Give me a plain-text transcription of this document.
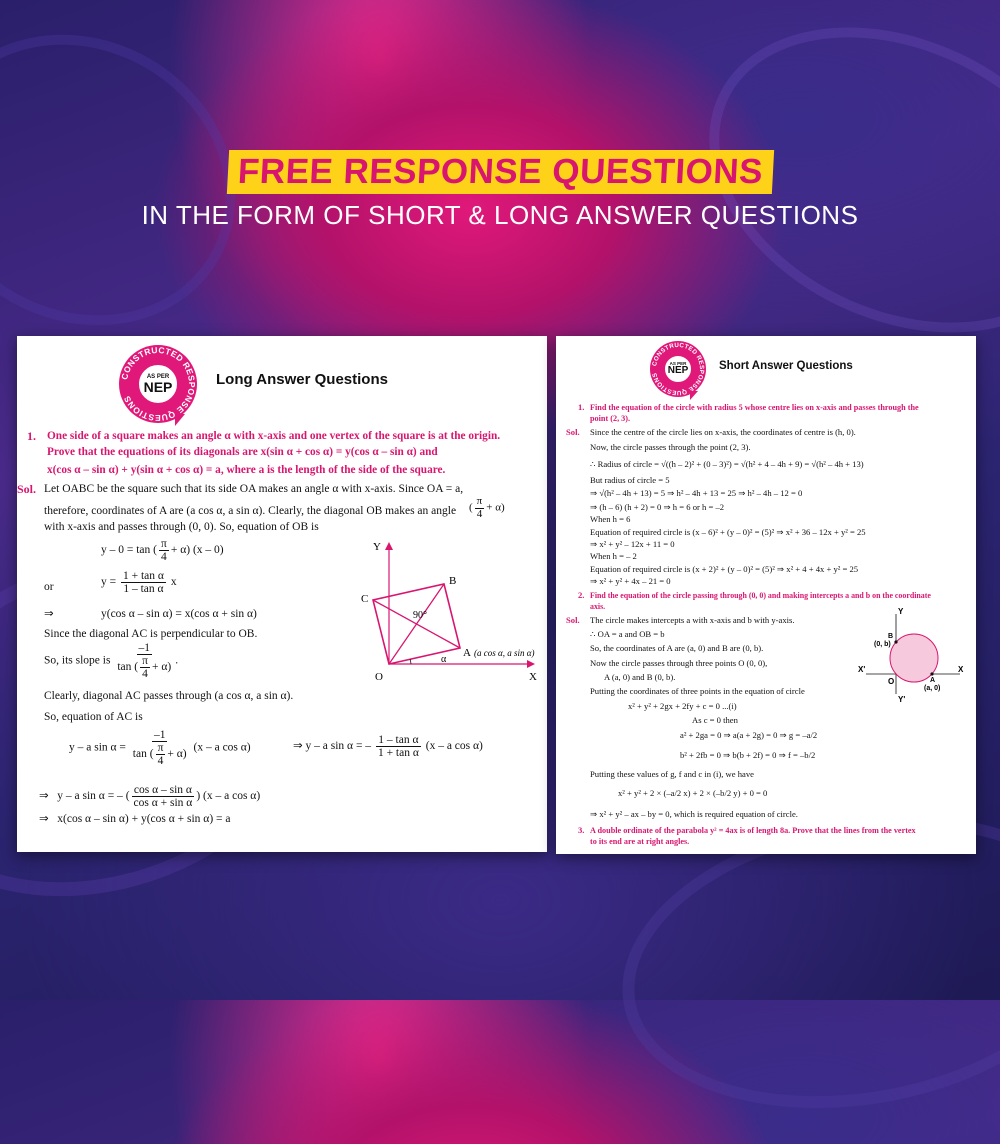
FREE RESPONSE QUESTIONS
IN THE FORM OF SHORT & LONG ANSWER QUESTIONS
CONSTRUCTED RESPONSE QUESTIONS
AS PER
NEP	Long Answer Questions
1. One side of a square makes an angle α with x-axis and one vertex of the square is at the origin.
Prove that the equations of its diagonals are x(sin α + cos α) = y(cos α – sin α) and
x(cos α – sin α) + y(sin α + cos α) = a, where a is the length of the side of the square.
Sol. Let OABC be the square such that its side OA makes an angle α with x-axis. Since OA = a,
therefore, coordinates of A are (a cos α, a sin α). Clearly, the diagonal OB makes an angle ( $\frac{\pi}{4} + \alpha$)
with x-axis and passes through (0, 0). So, equation of OB is
y – 0 = tan ( $\frac{\pi}{4} + \alpha$) (x – 0)
or	$y = \frac{\text{1 + tan α}}{\text{1 – tan α}}$ x
⇒	y(cos α – sin α) = x(cos α + sin α)
Since the diagonal AC is perpendicular to OB.
So, its slope is $\frac{-1}{\tan ( \frac{\pi}{4} + \alpha)}$ .
Clearly, diagonal AC passes through (a cos α, a sin α).
So, equation of AC is
y – a $\sin \alpha = \frac{-1}{\tan ( \frac{\pi}{4} + \alpha)} (x - a$ cos α)	⇒ y – a sin α = – $\frac{\text{1 – tan α}}{\text{1 + tan α}} (x$ – a cos α)
⇒ y – a sin α = – ( $\frac{\text{cos α – sin α}}{\text{cos α + sin α}}$ ) (x – a cos α)
⇒ x(cos α – sin α) + y(cos α + sin α) = a
Y
X
O
A (a cos α, a sin α)
B
C
90°
α
CONSTRUCTED RESPONSE QUESTIONS
AS PER
NEP	Short Answer Questions
1. Find the equation of the circle with radius 5 whose centre lies on x-axis and passes through the
point (2, 3).
Sol. Since the centre of the circle lies on x-axis, the coordinates of centre is (h, 0).
Now, the circle passes through the point (2, 3).
∴ Radius of circle = √((h – 2)² + (0 – 3)²) = √(h² + 4 – 4h + 9) = √(h² – 4h + 13)
But radius of circle = 5
⇒ √(h² – 4h + 13) = 5 ⇒ h² – 4h + 13 = 25 ⇒ h² – 4h – 12 = 0
⇒ (h – 6) (h + 2) = 0 ⇒ h = 6 or h = –2
When h = 6
Equation of required circle is (x – 6)² + (y – 0)² = (5)² ⇒ x² + 36 – 12x + y² = 25
⇒ x² + y² – 12x + 11 = 0
When h = – 2
Equation of required circle is (x + 2)² + (y – 0)² = (5)² ⇒ x² + 4 + 4x + y² = 25
⇒ x² + y² + 4x – 21 = 0
2. Find the equation of the circle passing through (0, 0) and making intercepts a and b on the coordinate
axis.
Sol. The circle makes intercepts a with x-axis and b with y-axis.
∴ OA = a and OB = b
So, the coordinates of A are (a, 0) and B are (0, b).
Now the circle passes through three points O (0, 0),
A (a, 0) and B (0, b).
Putting the coordinates of three points in the equation of circle
x² + y² + 2gx + 2fy + c = 0 ...(i)
As c = 0 then
a² + 2ga = 0 ⇒ a(a + 2g) = 0 ⇒ g = –a/2
b² + 2fb = 0 ⇒ b(b + 2f) = 0 ⇒ f = –b/2
Putting these values of g, f and c in (i), we have
x² + y² + 2 × (–a/2 x) + 2 × (–b/2 y) + 0 = 0
⇒ x² + y² – ax – by = 0, which is required equation of circle.
3. A double ordinate of the parabola y² = 4ax is of length 8a. Prove that the lines from the vertex
to its end are at right angles.
Y
Y'
X
X'
O
B
(0, b)
A
(a, 0)
